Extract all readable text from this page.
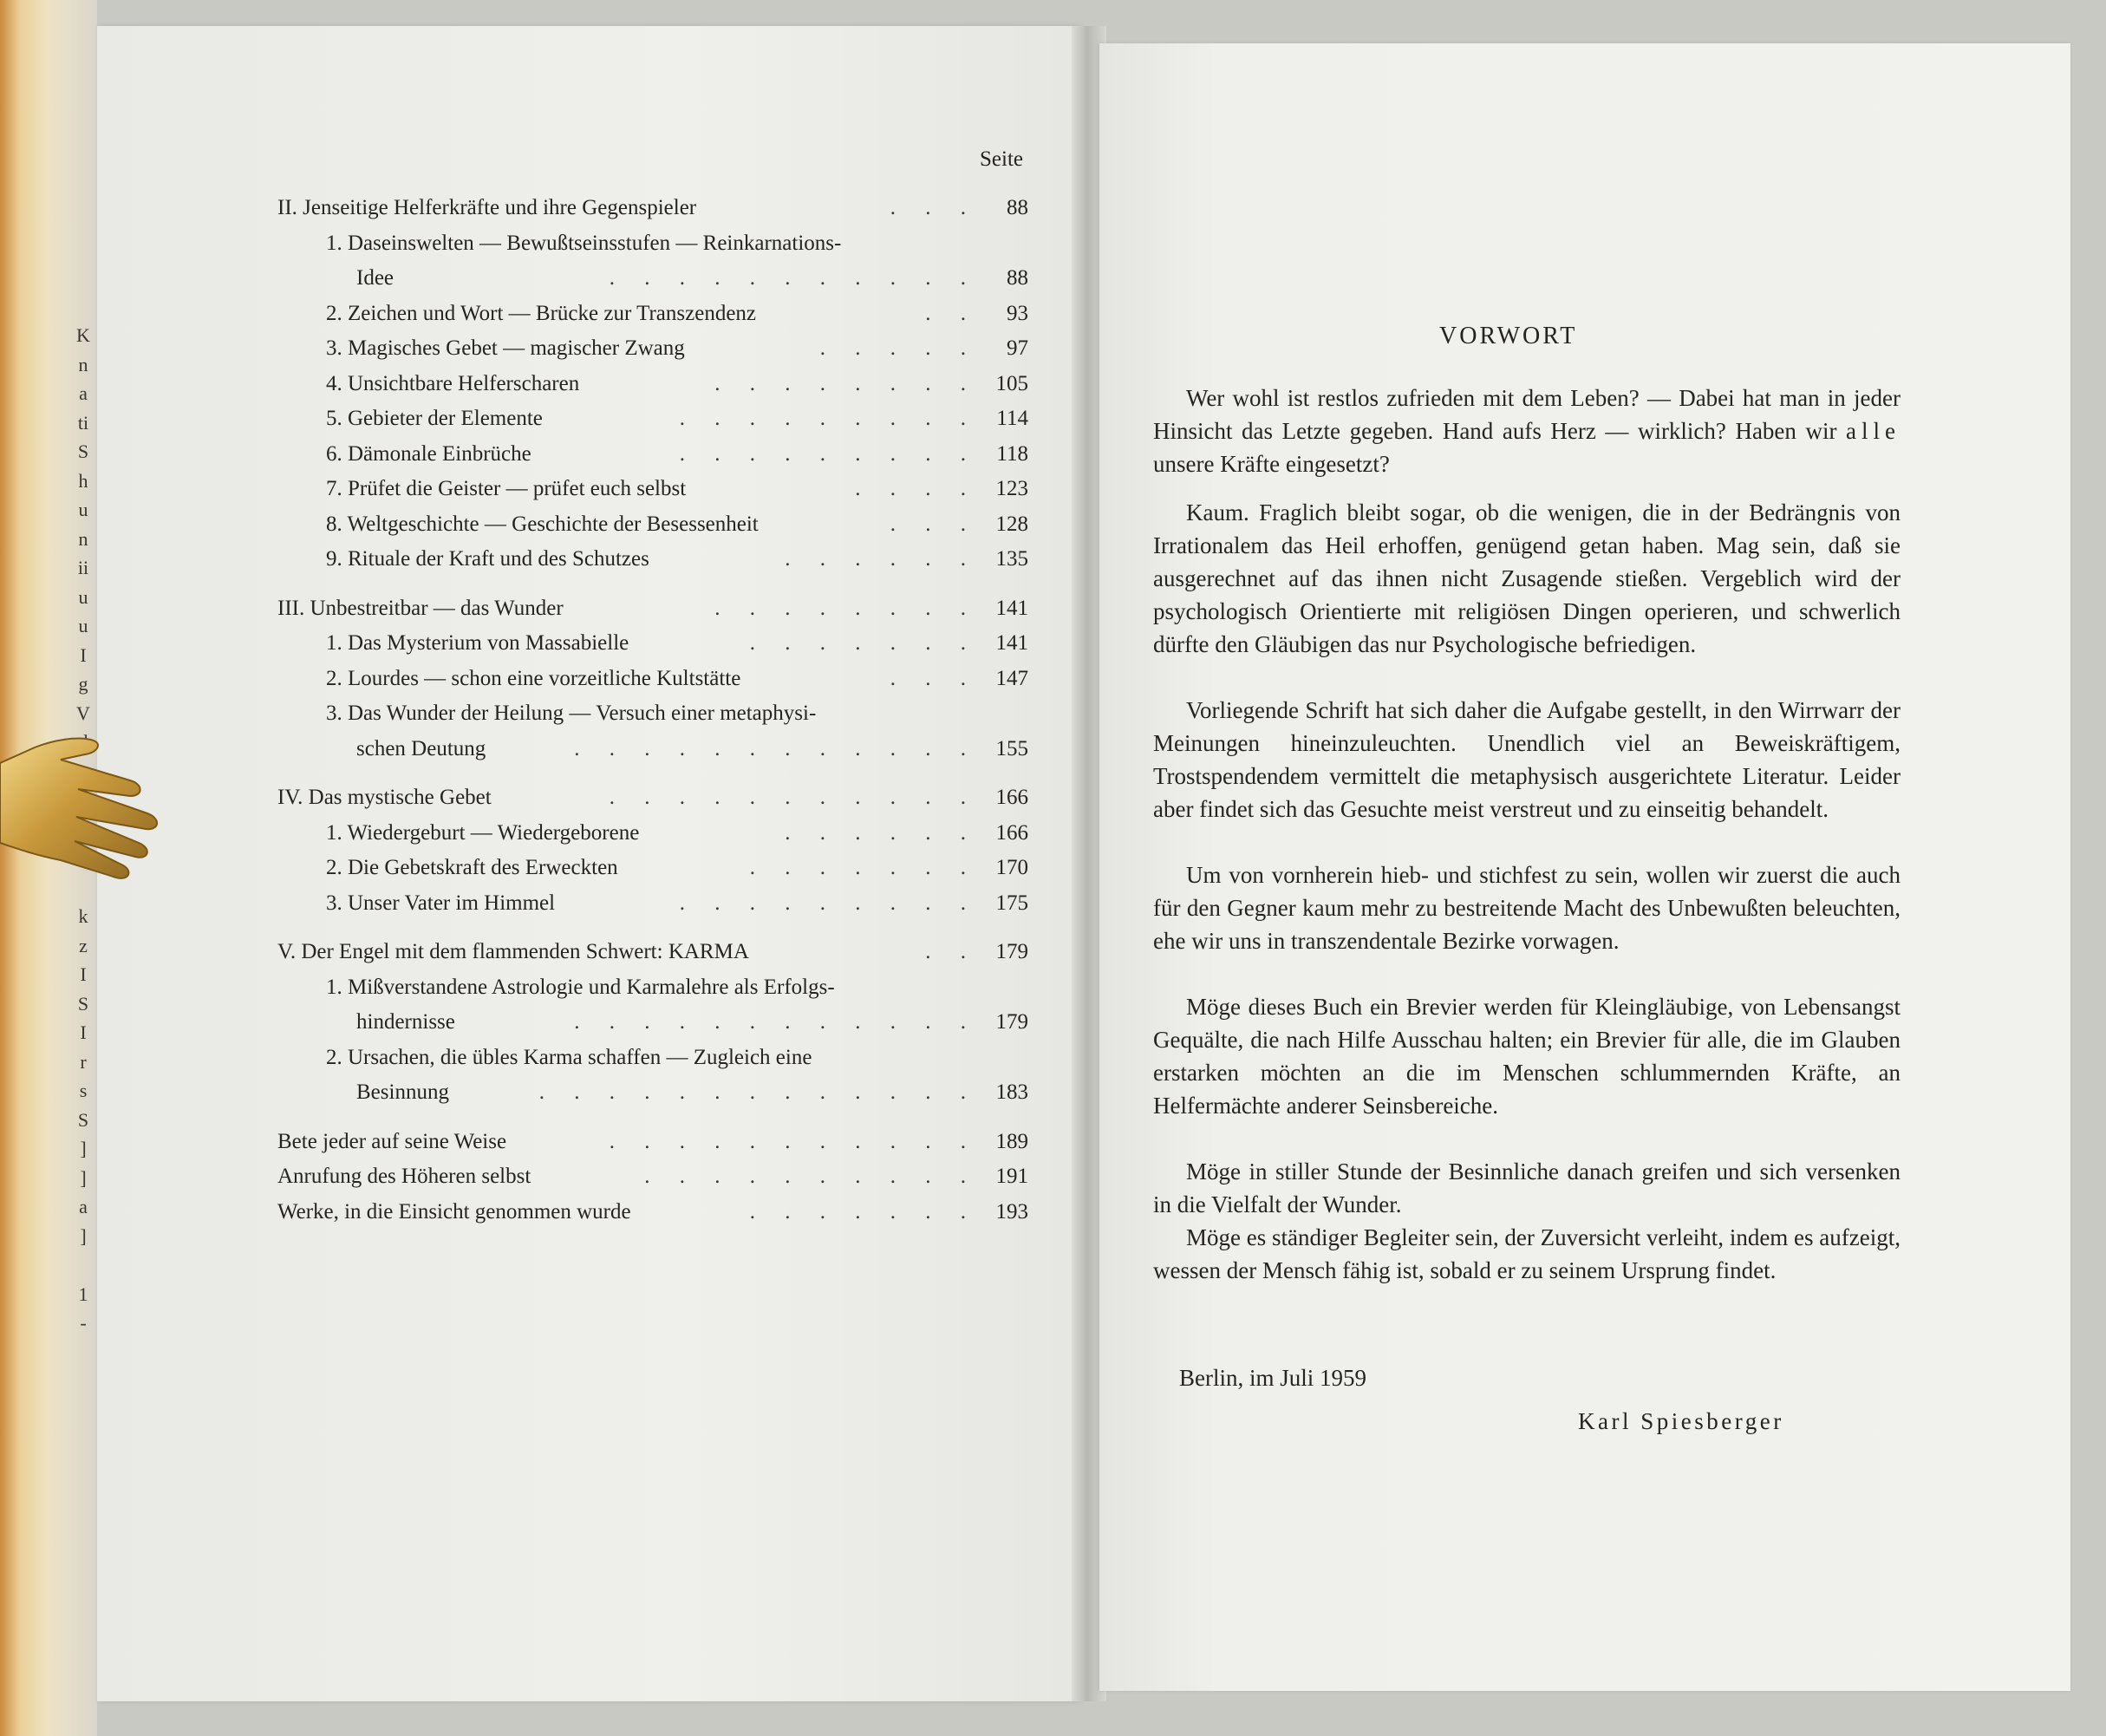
K
n
a
ti
S
h
u
n
ii
u
u
I
g
V
k
z
I
S
I
r
s
S
]
]
a
]
1
-
Seite
II. Jenseitige Helferkräfte und ihre Gegenspieler	. . .	88
1. Daseinswelten — Bewußtseinsstufen — Reinkarnations-
Idee	. . . . . . . . . . .	88
2. Zeichen und Wort — Brücke zur Transzendenz	. .	93
3. Magisches Gebet — magischer Zwang	. . . . .	97
4. Unsichtbare Helferscharen	. . . . . . . . 105
5. Gebieter der Elemente	. . . . . . . . . 114
6. Dämonale Einbrüche	. . . . . . . . . 118
7. Prüfet die Geister — prüfet euch selbst	. . . . 123
8. Weltgeschichte — Geschichte der Besessenheit	. . . 128
9. Rituale der Kraft und des Schutzes	. . . . . . 135
III. Unbestreitbar — das Wunder	. . . . . . . . 141
1. Das Mysterium von Massabielle	. . . . . . . 141
2. Lourdes — schon eine vorzeitliche Kultstätte	. . . 147
3. Das Wunder der Heilung — Versuch einer metaphysi-
schen Deutung	. . . . . . . . . . . . 155
IV. Das mystische Gebet	. . . . . . . . . . . 166
1. Wiedergeburt — Wiedergeborene	. . . . . . 166
2. Die Gebetskraft des Erweckten	. . . . . . . 170
3. Unser Vater im Himmel	. . . . . . . . . 175
V. Der Engel mit dem flammenden Schwert: KARMA	. . 179
1. Mißverstandene Astrologie und Karmalehre als Erfolgs-
hindernisse	. . . . . . . . . . . . 179
2. Ursachen, die übles Karma schaffen — Zugleich eine
Besinnung	. . . . . . . . . . . . . 183
Bete jeder auf seine Weise	. . . . . . . . . . . 189
Anrufung des Höheren selbst	. . . . . . . . . . 191
Werke, in die Einsicht genommen wurde	. . . . . . . 193
VORWORT
Wer wohl ist restlos zufrieden mit dem Leben? — Dabei hat man in jeder Hinsicht das Letzte gegeben. Hand aufs Herz — wirklich? Haben wir alle unsere Kräfte eingesetzt?
Kaum. Fraglich bleibt sogar, ob die wenigen, die in der Bedrängnis von Irrationalem das Heil erhoffen, genügend getan haben. Mag sein, daß sie ausgerechnet auf das ihnen nicht Zusagende stießen. Vergeblich wird der psychologisch Orientierte mit religiösen Dingen operieren, und schwerlich dürfte den Gläubigen das nur Psychologische befriedigen.
Vorliegende Schrift hat sich daher die Aufgabe gestellt, in den Wirrwarr der Meinungen hineinzuleuchten. Unendlich viel an Beweiskräftigem, Trostspendendem vermittelt die metaphysisch ausgerichtete Literatur. Leider aber findet sich das Gesuchte meist verstreut und zu einseitig behandelt.
Um von vornherein hieb- und stichfest zu sein, wollen wir zuerst die auch für den Gegner kaum mehr zu bestreitende Macht des Unbewußten beleuchten, ehe wir uns in transzendentale Bezirke vorwagen.
Möge dieses Buch ein Brevier werden für Kleingläubige, von Lebensangst Gequälte, die nach Hilfe Ausschau halten; ein Brevier für alle, die im Glauben erstarken möchten an die im Menschen schlummernden Kräfte, an Helfermächte anderer Seinsbereiche.
Möge in stiller Stunde der Besinnliche danach greifen und sich versenken in die Vielfalt der Wunder.
Möge es ständiger Begleiter sein, der Zuversicht verleiht, indem es aufzeigt, wessen der Mensch fähig ist, sobald er zu seinem Ursprung findet.
Berlin, im Juli 1959
Karl Spiesberger
